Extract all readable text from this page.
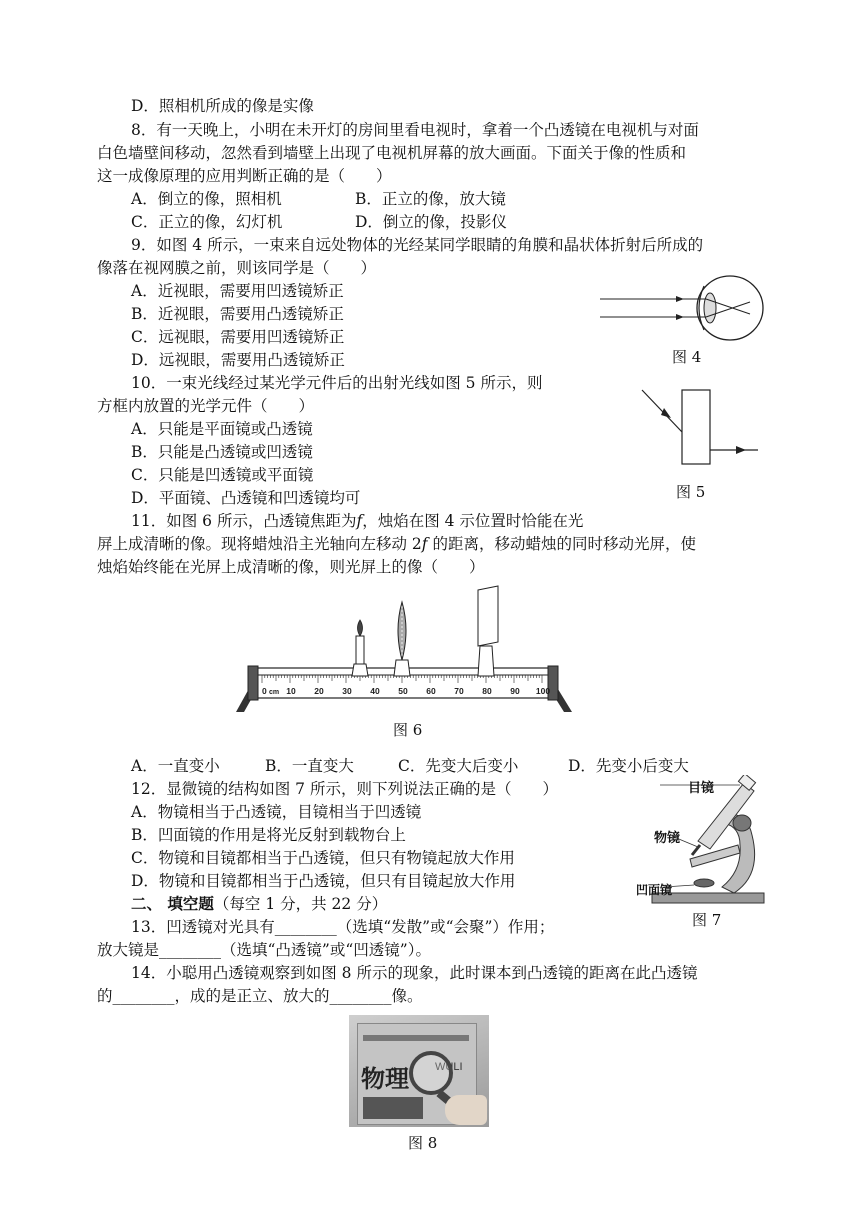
D．照相机所成的像是实像
8．有一天晚上，小明在未开灯的房间里看电视时，拿着一个凸透镜在电视机与对面
白色墙壁间移动，忽然看到墙壁上出现了电视机屏幕的放大画面。下面关于像的性质和
这一成像原理的应用判断正确的是（　　）
A．倒立的像，照相机	B．正立的像，放大镜
C．正立的像，幻灯机	D．倒立的像，投影仪
9．如图 4 所示，一束来自远处物体的光经某同学眼睛的角膜和晶状体折射后所成的
像落在视网膜之前，则该同学是（　　）
A．近视眼，需要用凹透镜矫正
B．近视眼，需要用凸透镜矫正
C．远视眼，需要用凹透镜矫正
D．远视眼，需要用凸透镜矫正
10．一束光线经过某光学元件后的出射光线如图 5 所示，则
方框内放置的光学元件（　　）
A．只能是平面镜或凸透镜
B．只能是凸透镜或凹透镜
C．只能是凹透镜或平面镜
D．平面镜、凸透镜和凹透镜均可
11．如图 6 所示，凸透镜焦距为f，烛焰在图 4 示位置时恰能在光
屏上成清晰的像。现将蜡烛沿主光轴向左移动 2f 的距离，移动蜡烛的同时移动光屏，使
烛焰始终能在光屏上成清晰的像，则光屏上的像（　　）
A．一直变小	B．一直变大	C．先变大后变小	D．先变小后变大
12．显微镜的结构如图 7 所示，则下列说法正确的是（　　）
A．物镜相当于凸透镜，目镜相当于凹透镜
B．凹面镜的作用是将光反射到载物台上
C．物镜和目镜都相当于凸透镜，但只有物镜起放大作用
D．物镜和目镜都相当于凸透镜，但只有目镜起放大作用
二、 填空题（每空 1 分，共 22 分）
13．凹透镜对光具有________（选填“发散”或“会聚”）作用；
放大镜是________（选填“凸透镜”或“凹透镜”）。
14．小聪用凸透镜观察到如图 8 所示的现象，此时课本到凸透镜的距离在此凸透镜
的________，成的是正立、放大的________像。
图 4
图 5
0 10 20 30 40 50 60 70 80 90 100
cm
图 6
目镜
物镜
凹面镜
图 7
物理 WULI
图 8
